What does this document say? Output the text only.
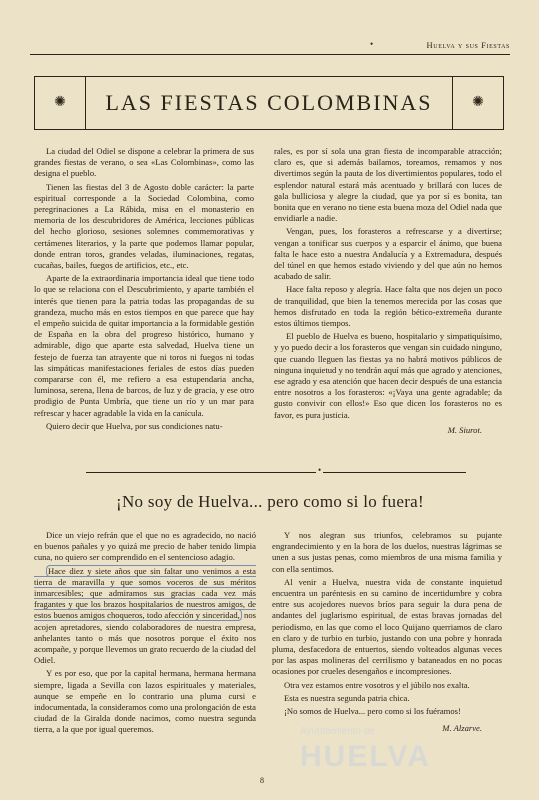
•	Huelva y sus Fiestas
✺	LAS FIESTAS COLOMBINAS	✺

La ciudad del Odiel se dispone a celebrar la primera de sus grandes fiestas de verano, o sea «Las Colombinas», como las designa el pueblo.

Tienen las fiestas del 3 de Agosto doble carácter: la parte espiritual corresponde a la Sociedad Colombina, como peregrinaciones a La Rábida, misa en el monasterio en memoria de los descubridores de América, lecciones públicas del hecho glorioso, sesiones solemnes commemorativas y certámenes literarios, y la parte que podemos llamar popular, donde entran toros, grandes veladas, iluminaciones, regatas, cucañas, bailes, fuegos de artificios, etc., etc.

Aparte de la extraordinaria importancia ideal que tiene todo lo que se relaciona con el Descubrimiento, y aparte también el interés que tienen para la patria todas las propagandas de su grandeza, mucho más en estos tiempos en que parece que hay el empeño suicida de quitar importancia a la formidable gestión de España en la obra del progreso histórico, humano y admirable, digo que aparte esta salvedad, Huelva tiene un festejo de fuerza tan atrayente que ni toros ni fuegos ni todas las simpáticas manifestaciones feriales de estos días pueden compararse con él, me refiero a esa estupendaria ancha, luminosa, serena, llena de barcos, de luz y de gracia, y ese otro prodigio de Punta Umbría, que tiene un río y un mar para refrescar y hacer agradable la vida en la canícula.

Quiero decir que Huelva, por sus condiciones natu-

rales, es por sí sola una gran fiesta de incomparable atracción; claro es, que si además bailamos, toreamos, remamos y nos divertimos según la pauta de los divertimientos populares, todo el esplendor natural estará más acentuado y brillará con luces de gala bulliciosa y alegre la ciudad, que ya por sí es bonita, tan bonita que en verano no tiene esta buena moza del Odiel nada que envidiarle a nadie.

Vengan, pues, los forasteros a refrescarse y a divertirse; vengan a tonificar sus cuerpos y a esparcir el ánimo, que buena falta le hace esto a nuestra Andalucía y a Extremadura, después del túnel en que hemos estado viviendo y del que aún no hemos acabado de salir.

Hace falta reposo y alegría. Hace falta que nos dejen un poco de tranquilidad, que bien la tenemos merecida por las cosas que hemos disfrutado en toda la región bético-extremeña durante estos últimos tiempos.

El pueblo de Huelva es bueno, hospitalario y simpatiquísimo, y yo puedo decir a los forasteros que vengan sin cuidado ninguno, que cuando lleguen las fiestas ya no habrá motivos públicos de ninguna inquietud y no tendrán aquí más que agrado y atenciones, ese agrado y esa atención que hacen decir después de una estancia entre nosotros a los forasteros: «¡Vaya una gente agradable; da gusto convivir con ellos!» Eso que dicen los forasteros no es favor, es pura justicia.

M. Siurot.
•
¡No soy de Huelva... pero como si lo fuera!

Dice un viejo refrán que el que no es agradecido, no nació en buenos pañales y yo quizá me precio de haber tenido limpia cuna, no quiero ser comprendido en el sentencioso adagio.

Hace diez y siete años que sin faltar uno venimos a esta tierra de maravilla y que somos voceros de sus méritos inmarcesibles; que admiramos sus gracias cada vez más fragantes y que los brazos hospitalarios de nuestros amigos, de estos buenos amigos choqueros, todo afección y sinceridad, nos acojen apretadores, siendo colaboradores de nuestra empresa, anhelantes tanto o más que nosotros porque el éxito nos acompañe, y porque llevemos un grato recuerdo de la ciudad del Odiel.

Y es por eso, que por la capital hermana, hermana hermana siempre, ligada a Sevilla con lazos espirituales y materiales, aunque se empeñe en lo contrario una pluma cursi e indocumentada, la consideramos como una prolongación de esta ciudad de la Giralda donde nacimos, como nuestra segunda tierra, a la que por igual queremos.

Y nos alegran sus triunfos, celebramos su pujante engrandecimiento y en la hora de los duelos, nuestras lágrimas se unen a sus justas penas, como miembros de una misma familia y con ella sentimos.

Al venir a Huelva, nuestra vida de constante inquietud encuentra un paréntesis en su camino de incertidumbre y cobra entre sus acojedores nuevos bríos para seguir la dura pena de andantes del juglarismo espiritual, de estas bravas jornadas del periodismo, en las que como el loco Quijano querriamos de claro en claro y de turbio en turbio, justando con una pobre y honrada pluma, desfacedora de entuertos, siendo volteados algunas veces por las aspas molineras del cerrilismo y bataneados en no pocas ocasiones por crueles desengaños e incompresiones.

Otra vez estamos entre vosotros y el júbilo nos exalta.

Esta es nuestra segunda patria chica.

¡No somos de Huelva... pero como si los fuéramos!

M. Alzarve.
Ayuntamiento de
HUELVA
8
